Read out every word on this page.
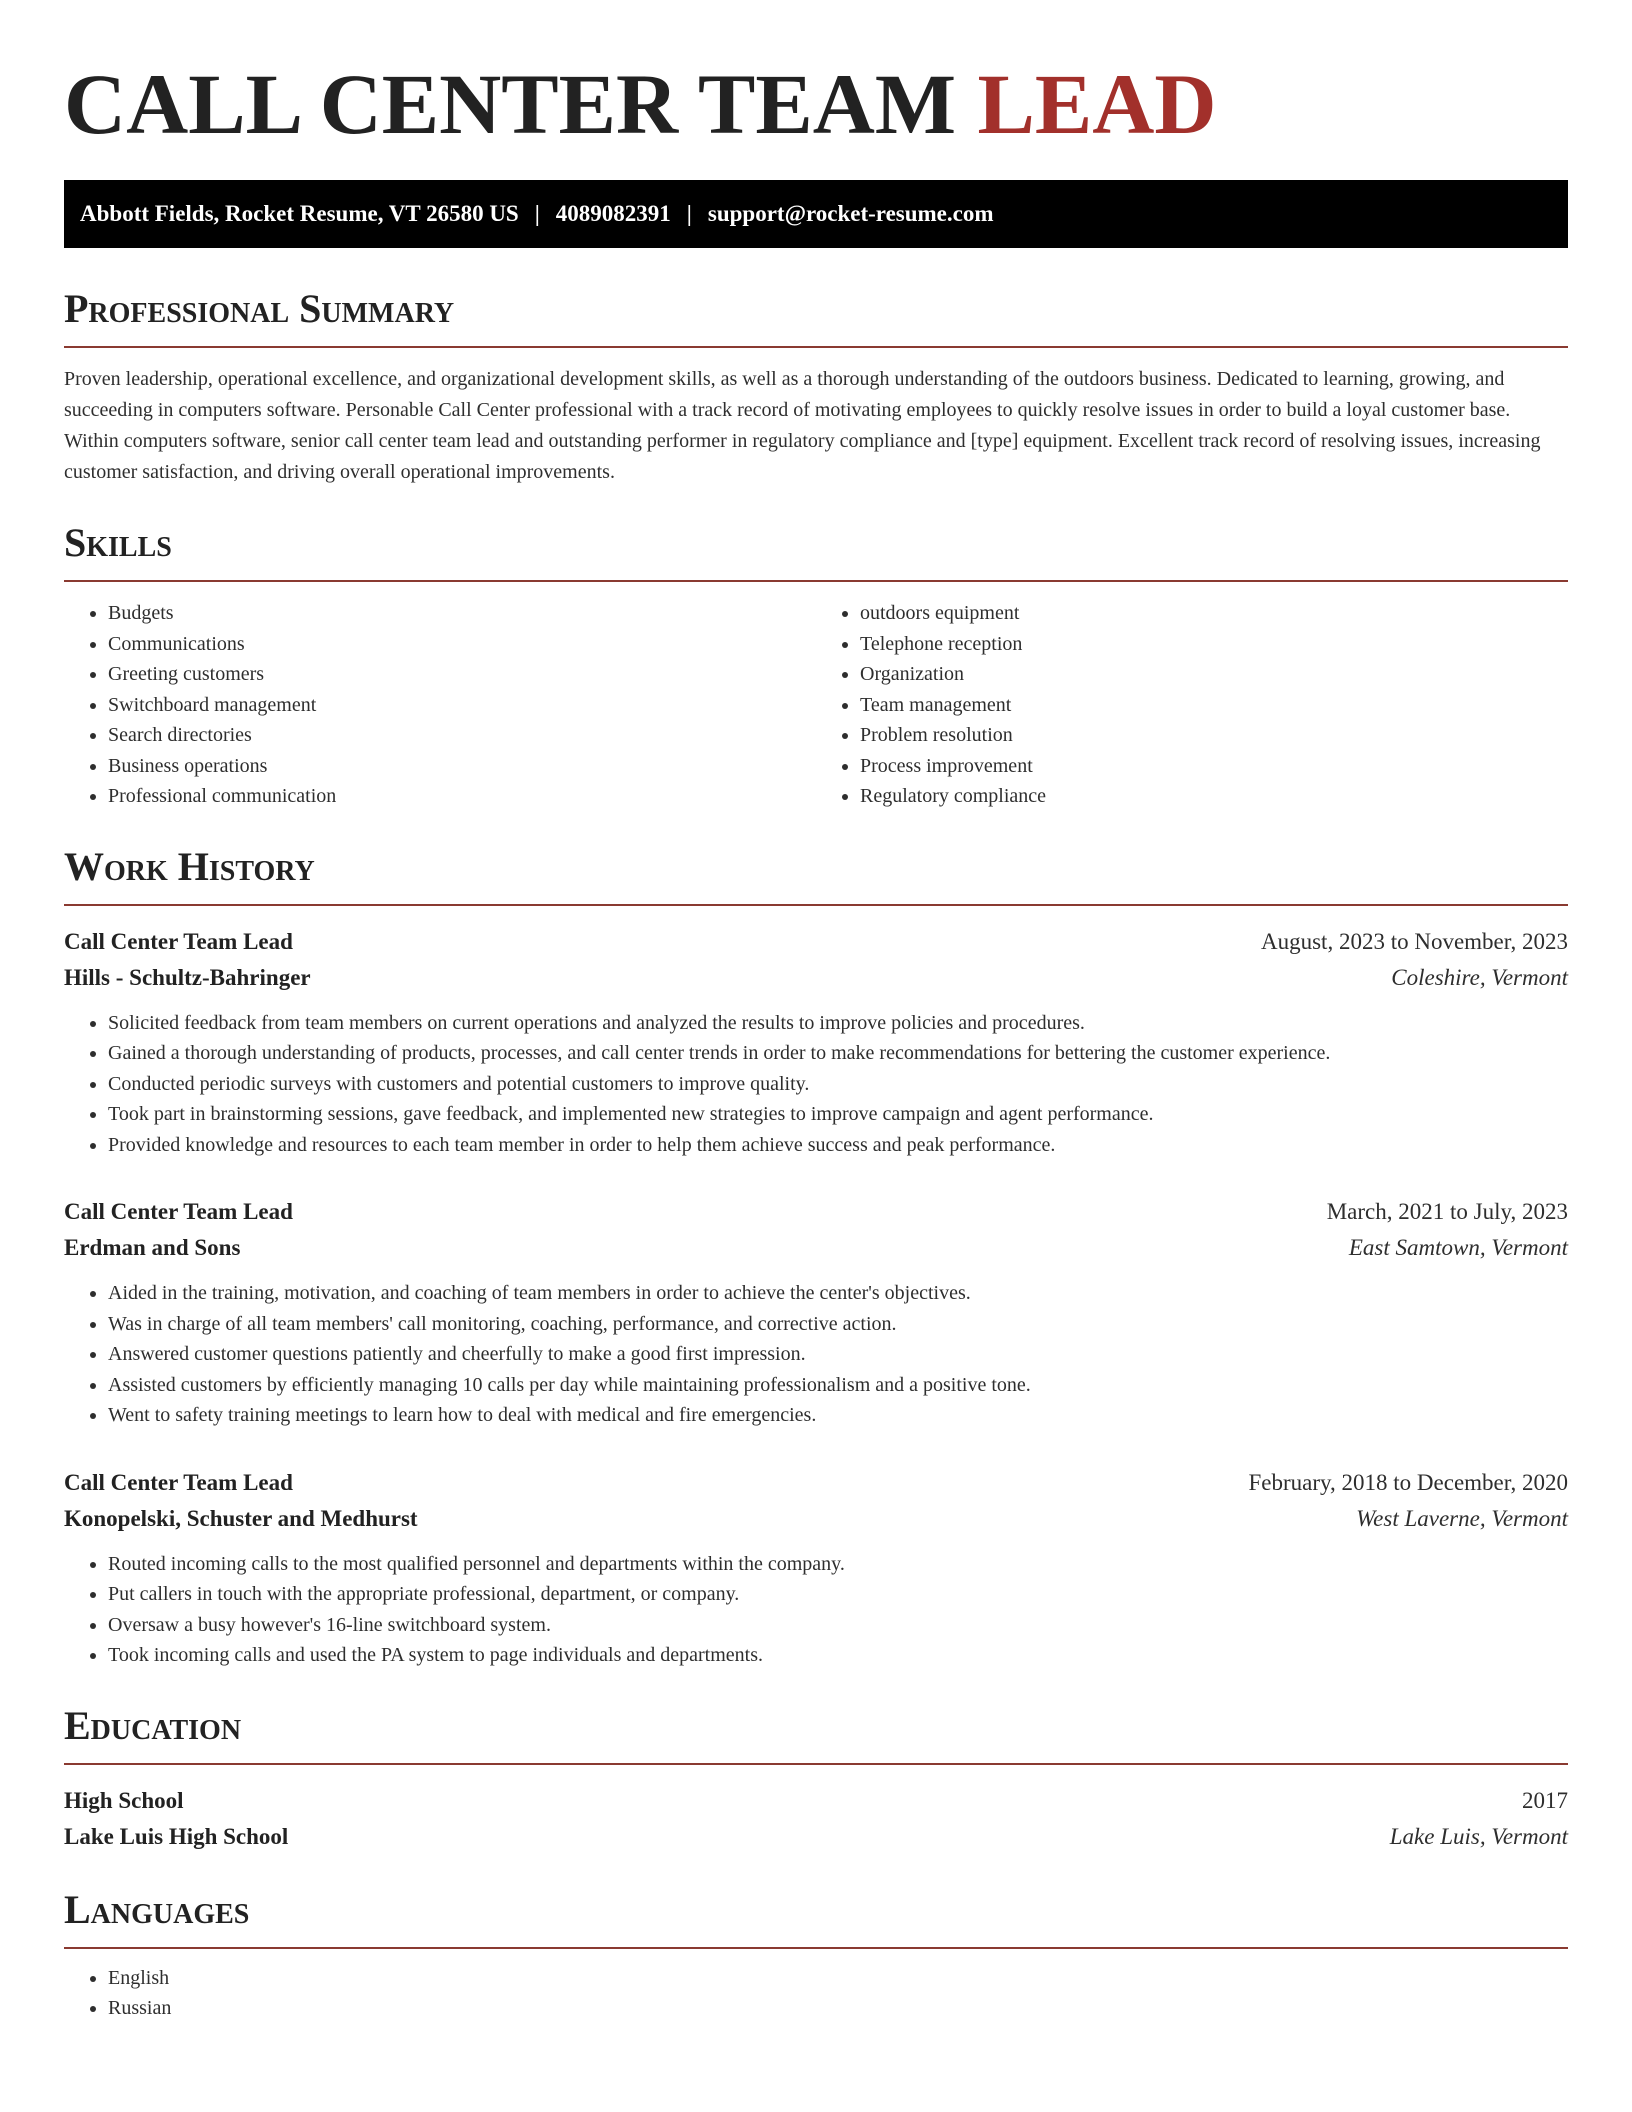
CALL CENTER TEAM LEAD
Abbott Fields, Rocket Resume, VT 26580 US | 4089082391 | support@rocket-resume.com
Professional Summary

Proven leadership, operational excellence, and organizational development skills, as well as a thorough understanding of the outdoors business. Dedicated to learning, growing, and succeeding in computers software. Personable Call Center professional with a track record of motivating employees to quickly resolve issues in order to build a loyal customer base. Within computers software, senior call center team lead and outstanding performer in regulatory compliance and [type] equipment. Excellent track record of resolving issues, increasing customer satisfaction, and driving overall operational improvements.

Skills
• Budgets
• Communications
• Greeting customers
• Switchboard management
• Search directories
• Business operations
• Professional communication
• outdoors equipment
• Telephone reception
• Organization
• Team management
• Problem resolution
• Process improvement
• Regulatory compliance
Work History
Call Center Team Lead	August, 2023 to November, 2023
Hills - Schultz-Bahringer	Coleshire, Vermont
• Solicited feedback from team members on current operations and analyzed the results to improve policies and procedures.
• Gained a thorough understanding of products, processes, and call center trends in order to make recommendations for bettering the customer experience.
• Conducted periodic surveys with customers and potential customers to improve quality.
• Took part in brainstorming sessions, gave feedback, and implemented new strategies to improve campaign and agent performance.
• Provided knowledge and resources to each team member in order to help them achieve success and peak performance.
Call Center Team Lead	March, 2021 to July, 2023
Erdman and Sons	East Samtown, Vermont
• Aided in the training, motivation, and coaching of team members in order to achieve the center's objectives.
• Was in charge of all team members' call monitoring, coaching, performance, and corrective action.
• Answered customer questions patiently and cheerfully to make a good first impression.
• Assisted customers by efficiently managing 10 calls per day while maintaining professionalism and a positive tone.
• Went to safety training meetings to learn how to deal with medical and fire emergencies.
Call Center Team Lead	February, 2018 to December, 2020
Konopelski, Schuster and Medhurst	West Laverne, Vermont
• Routed incoming calls to the most qualified personnel and departments within the company.
• Put callers in touch with the appropriate professional, department, or company.
• Oversaw a busy however's 16-line switchboard system.
• Took incoming calls and used the PA system to page individuals and departments.
Education
High School	2017
Lake Luis High School	Lake Luis, Vermont
Languages
• English
• Russian
